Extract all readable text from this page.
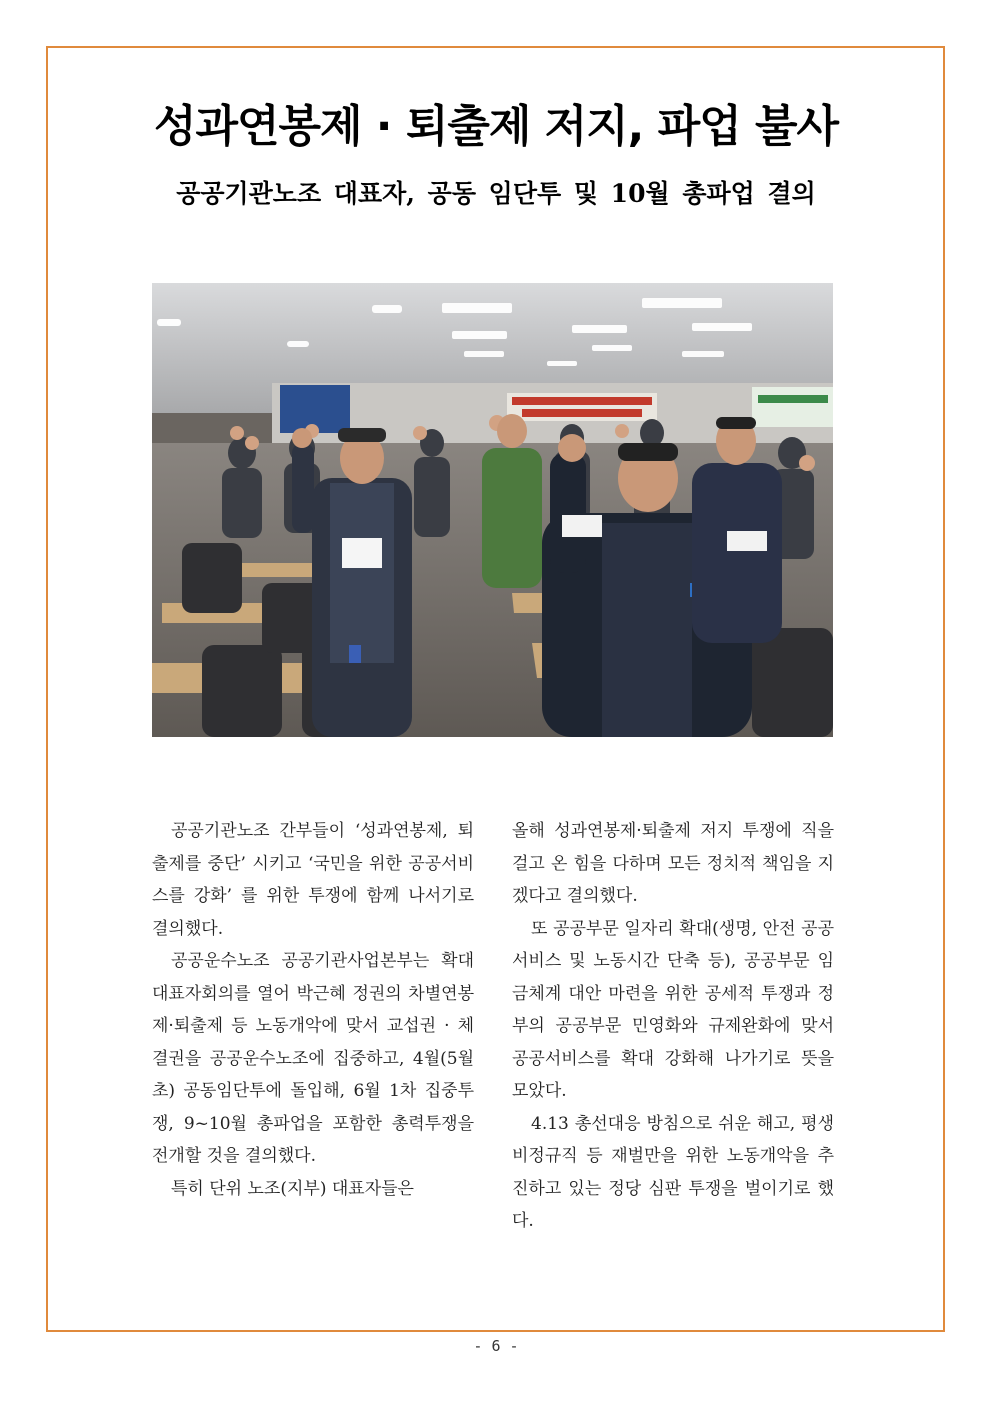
성과연봉제 · 퇴출제 저지, 파업 불사
공공기관노조 대표자, 공동 임단투 및 10월 총파업 결의

공공기관노조 간부들이 ‘성과연봉제, 퇴출제를 중단’ 시키고 ‘국민을 위한 공공서비스를 강화’ 를 위한 투쟁에 함께 나서기로 결의했다.

공공운수노조 공공기관사업본부는 확대대표자회의를 열어 박근혜 정권의 차별연봉제·퇴출제 등 노동개악에 맞서 교섭권 · 체결권을 공공운수노조에 집중하고, 4월(5월초) 공동임단투에 돌입해, 6월 1차 집중투쟁, 9~10월 총파업을 포함한 총력투쟁을 전개할 것을 결의했다.

특히 단위 노조(지부) 대표자들은

올해 성과연봉제·퇴출제 저지 투쟁에 직을 걸고 온 힘을 다하며 모든 정치적 책임을 지겠다고 결의했다.

또 공공부문 일자리 확대(생명, 안전 공공서비스 및 노동시간 단축 등), 공공부문 임금체계 대안 마련을 위한 공세적 투쟁과 정부의 공공부문 민영화와 규제완화에 맞서 공공서비스를 확대 강화해 나가기로 뜻을 모았다.

4.13 총선대응 방침으로 쉬운 해고, 평생 비정규직 등 재벌만을 위한 노동개악을 추진하고 있는 정당 심판 투쟁을 벌이기로 했다.

- 6 -
